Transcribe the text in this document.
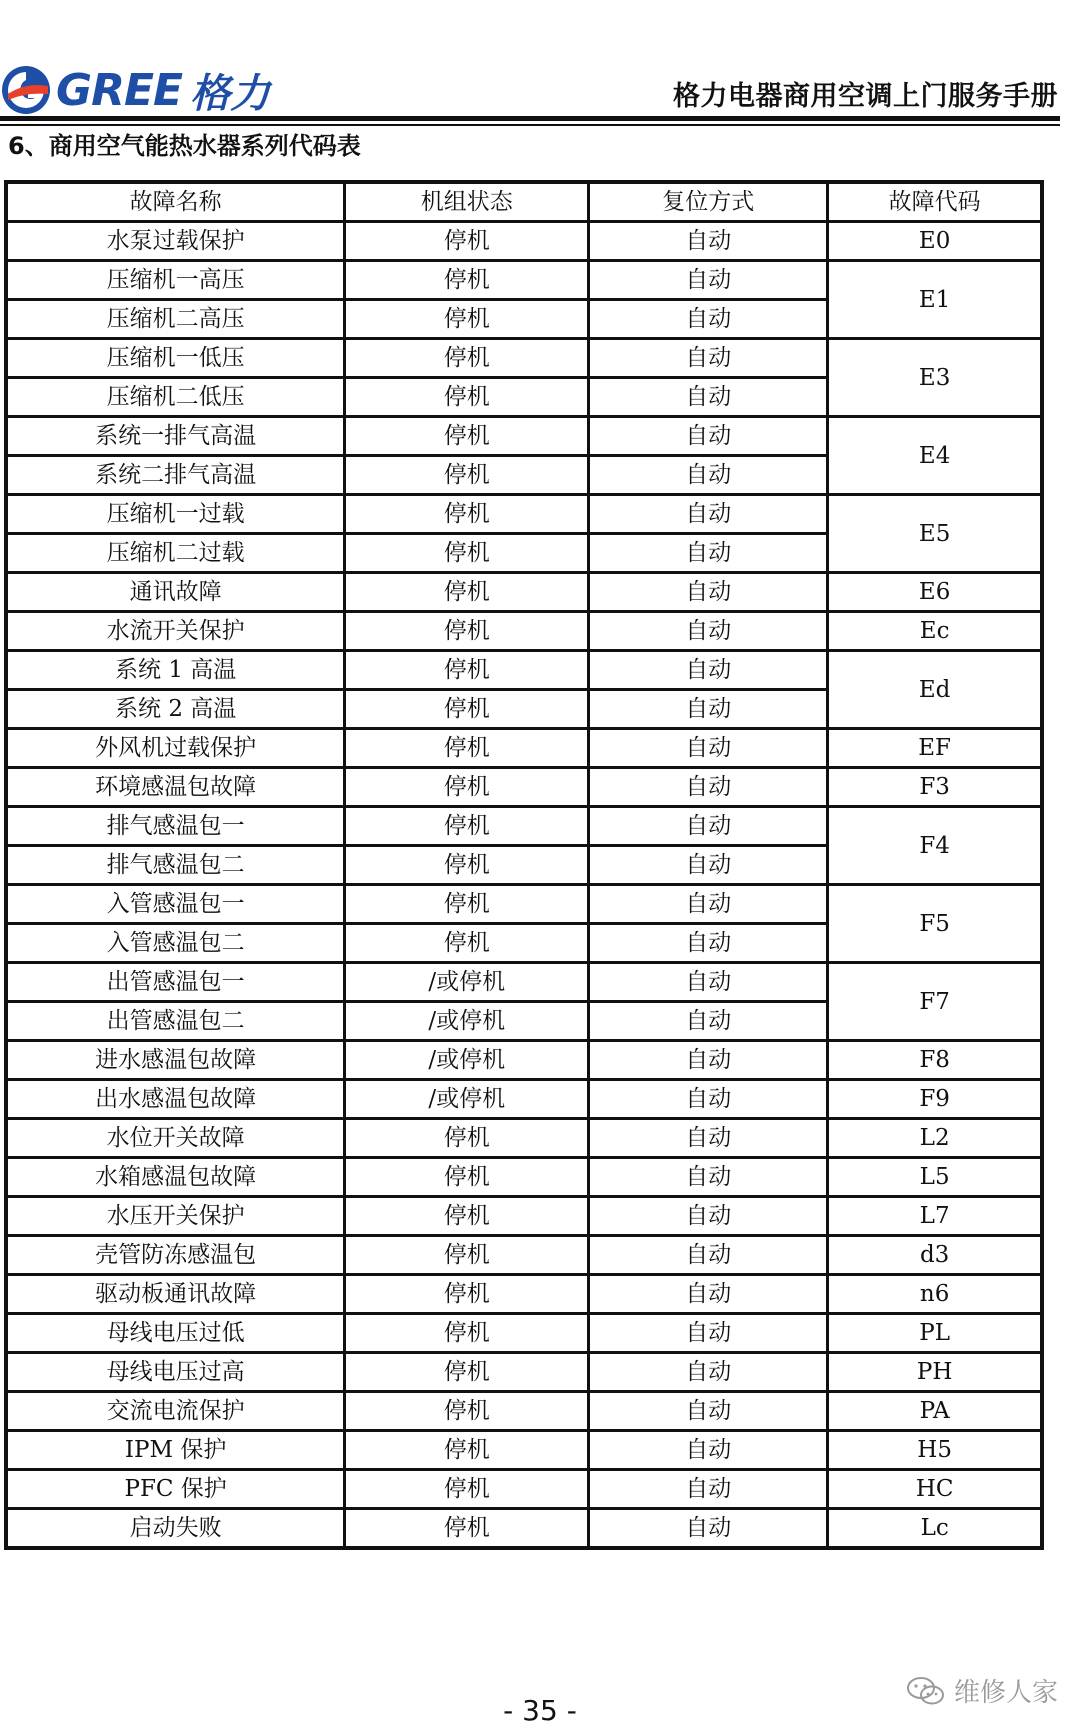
GREE 格力	格力电器商用空调上门服务手册
6、商用空气能热水器系列代码表
故障名称	机组状态	复位方式	故障代码
水泵过载保护	停机	自动	E0
压缩机一高压	停机	自动	E1
压缩机二高压	停机	自动	
压缩机一低压	停机	自动	E3
压缩机二低压	停机	自动	
系统一排气高温	停机	自动	E4
系统二排气高温	停机	自动	
压缩机一过载	停机	自动	E5
压缩机二过载	停机	自动	
通讯故障	停机	自动	E6
水流开关保护	停机	自动	Ec
系统 1 高温	停机	自动	Ed
系统 2 高温	停机	自动	
外风机过载保护	停机	自动	EF
环境感温包故障	停机	自动	F3
排气感温包一	停机	自动	F4
排气感温包二	停机	自动	
入管感温包一	停机	自动	F5
入管感温包二	停机	自动	
出管感温包一	/或停机	自动	F7
出管感温包二	/或停机	自动	
进水感温包故障	/或停机	自动	F8
出水感温包故障	/或停机	自动	F9
水位开关故障	停机	自动	L2
水箱感温包故障	停机	自动	L5
水压开关保护	停机	自动	L7
壳管防冻感温包	停机	自动	d3
驱动板通讯故障	停机	自动	n6
母线电压过低	停机	自动	PL
母线电压过高	停机	自动	PH
交流电流保护	停机	自动	PA
IPM 保护	停机	自动	H5
PFC 保护	停机	自动	HC
启动失败	停机	自动	Lc
维修人家
- 35 -
